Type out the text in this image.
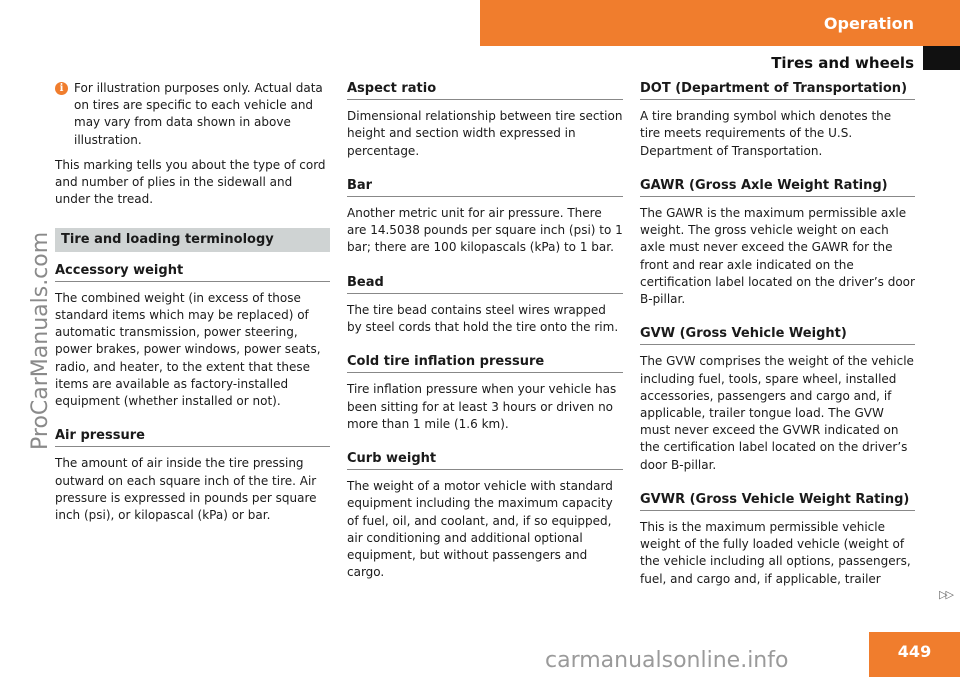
Operation
Tires and wheels
ProCarManuals.com
i For illustration purposes only. Actual data on tires are specific to each vehicle and may vary from data shown in above illustration.

This marking tells you about the type of cord and number of plies in the sidewall and under the tread.

Tire and loading terminology
Accessory weight

The combined weight (in excess of those standard items which may be replaced) of automatic transmission, power steering, power brakes, power windows, power seats, radio, and heater, to the extent that these items are available as factory-installed equipment (whether installed or not).

Air pressure

The amount of air inside the tire pressing outward on each square inch of the tire. Air pressure is expressed in pounds per square inch (psi), or kilopascal (kPa) or bar.

Aspect ratio

Dimensional relationship between tire section height and section width expressed in percentage.

Bar

Another metric unit for air pressure. There are 14.5038 pounds per square inch (psi) to 1 bar; there are 100 kilopascals (kPa) to 1 bar.

Bead

The tire bead contains steel wires wrapped by steel cords that hold the tire onto the rim.

Cold tire inflation pressure

Tire inflation pressure when your vehicle has been sitting for at least 3 hours or driven no more than 1 mile (1.6 km).

Curb weight

The weight of a motor vehicle with standard equipment including the maximum capacity of fuel, oil, and coolant, and, if so equipped, air conditioning and additional optional equipment, but without passengers and cargo.

DOT (Department of Transportation)

A tire branding symbol which denotes the tire meets requirements of the U.S. Department of Transportation.

GAWR (Gross Axle Weight Rating)

The GAWR is the maximum permissible axle weight. The gross vehicle weight on each axle must never exceed the GAWR for the front and rear axle indicated on the certification label located on the driver’s door B-pillar.

GVW (Gross Vehicle Weight)

The GVW comprises the weight of the vehicle including fuel, tools, spare wheel, installed accessories, passengers and cargo and, if applicable, trailer tongue load. The GVW must never exceed the GVWR indicated on the certification label located on the driver’s door B-pillar.

GVWR (Gross Vehicle Weight Rating)

This is the maximum permissible vehicle weight of the fully loaded vehicle (weight of the vehicle including all options, passengers, fuel, and cargo and, if applicable, trailer

▷▷
449
carmanualsonline.info
